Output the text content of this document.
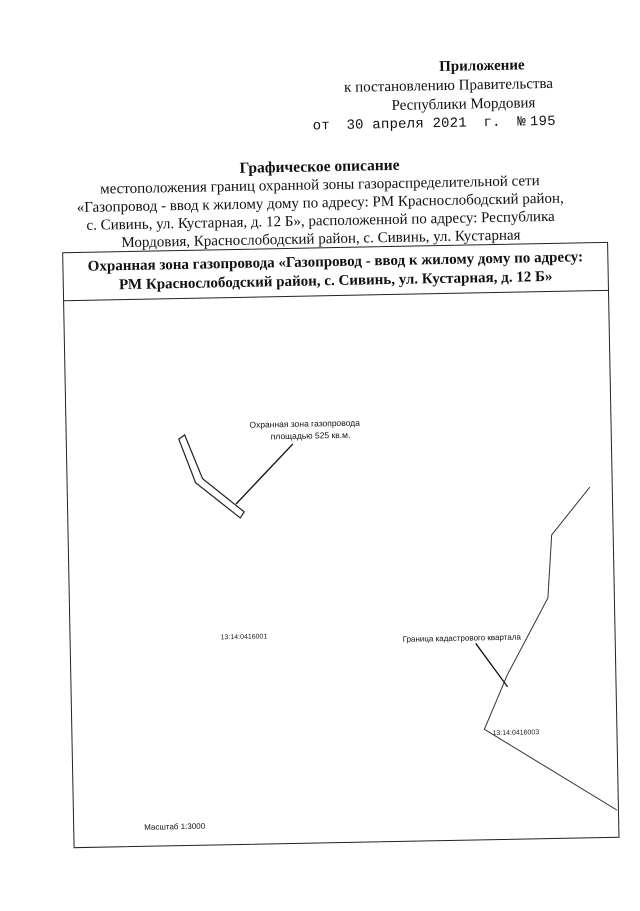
Приложение
к постановлению Правительства
Республики Мордовия
от 30 апреля 2021 г. № 195
Графическое описание
местоположения границ охранной зоны газораспределительной сети
«Газопровод - ввод к жилому дому по адресу: РМ Краснослободский район,
с. Сивинь, ул. Кустарная, д. 12 Б», расположенной по адресу: Республика
Мордовия, Краснослободский район, с. Сивинь, ул. Кустарная
Охранная зона газопровода «Газопровод - ввод к жилому дому по адресу:
РМ Краснослободский район, с. Сивинь, ул. Кустарная, д. 12 Б»
Охранная зона газопровода
площадью 525 кв.м.
Граница кадастрового квартала
13:14:0416001
13:14:0416003
Масштаб 1:3000
